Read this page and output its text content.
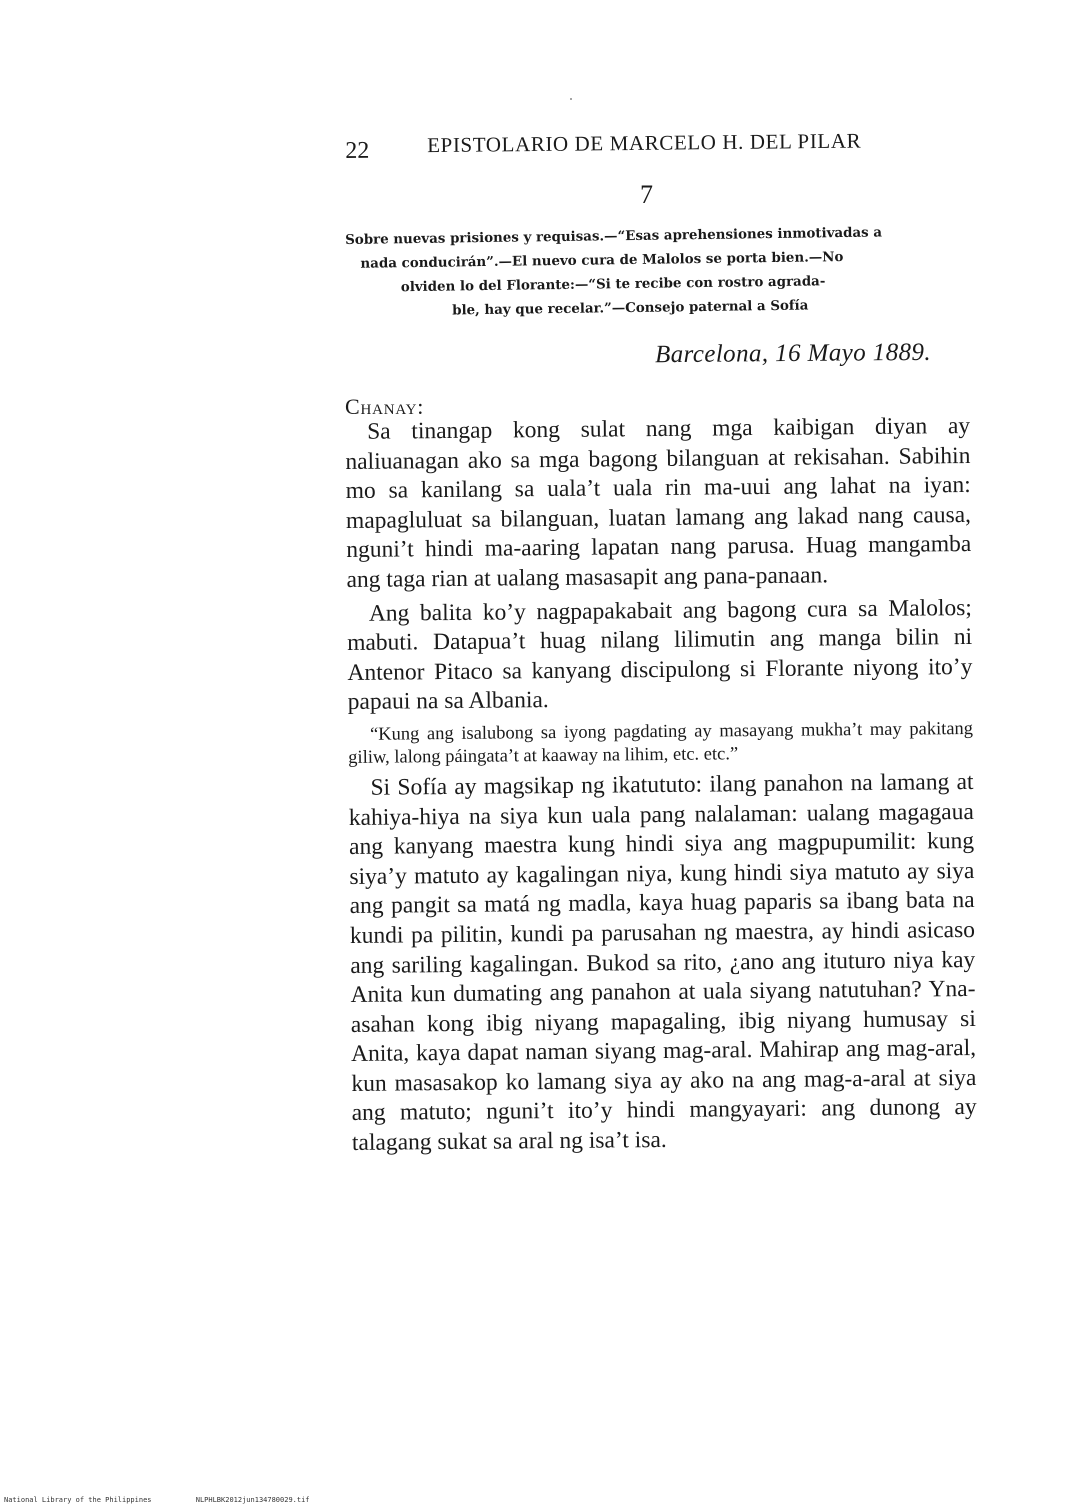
22	EPISTOLARIO DE MARCELO H. DEL PILAR
7
Sobre nuevas prisiones y requisas.—“Esas aprehensiones inmotivadas a
nada conducirán”.—El nuevo cura de Malolos se porta bien.—No
olviden lo del Florante:—“Si te recibe con rostro agrada-
ble, hay que recelar.”—Consejo paternal a Sofía
Barcelona, 16 Mayo 1889.
Chanay:

Sa tinangap kong sulat nang mga kaibigan diyan ay naliuanagan ako sa mga bagong bilanguan at rekisahan. Sabihin mo sa kanilang sa uala’t uala rin ma-uui ang lahat na iyan: mapagluluat sa bilanguan, luatan lamang ang lakad nang causa, nguni’t hindi ma-aaring lapatan nang parusa. Huag mangamba ang taga rian at ualang masasapit ang pana-panaan.

Ang balita ko’y nagpapakabait ang bagong cura sa Malolos; mabuti. Datapua’t huag nilang lilimutin ang manga bilin ni Antenor Pitaco sa kanyang discipulong si Florante niyong ito’y papaui na sa Albania.

“Kung ang isalubong sa iyong pagdating ay masayang mukha’t may pakitang giliw, lalong páingata’t at kaaway na lihim, etc. etc.”

Si Sofía ay magsikap ng ikatututo: ilang panahon na lamang at kahiya-hiya na siya kun uala pang nalalaman: ualang magagaua ang kanyang maestra kung hindi siya ang magpupumilit: kung siya’y matuto ay kagalingan niya, kung hindi siya matuto ay siya ang pangit sa matá ng madla, kaya huag paparis sa ibang bata na kundi pa pilitin, kundi pa parusahan ng maestra, ay hindi asicaso ang sariling kagalingan. Bukod sa rito, ¿ano ang ituturo niya kay Anita kun dumating ang panahon at uala siyang natutuhan? Yna-asahan kong ibig niyang mapagaling, ibig niyang humusay si Anita, kaya dapat naman siyang mag-aral. Mahirap ang mag-aral, kun masasakop ko lamang siya ay ako na ang mag-a-aral at siya ang matuto; nguni’t ito’y hindi mangyayari: ang dunong ay talagang sukat sa aral ng isa’t isa.

National Library of the Philippines	NLPHLBK2012jun134780029.tif
